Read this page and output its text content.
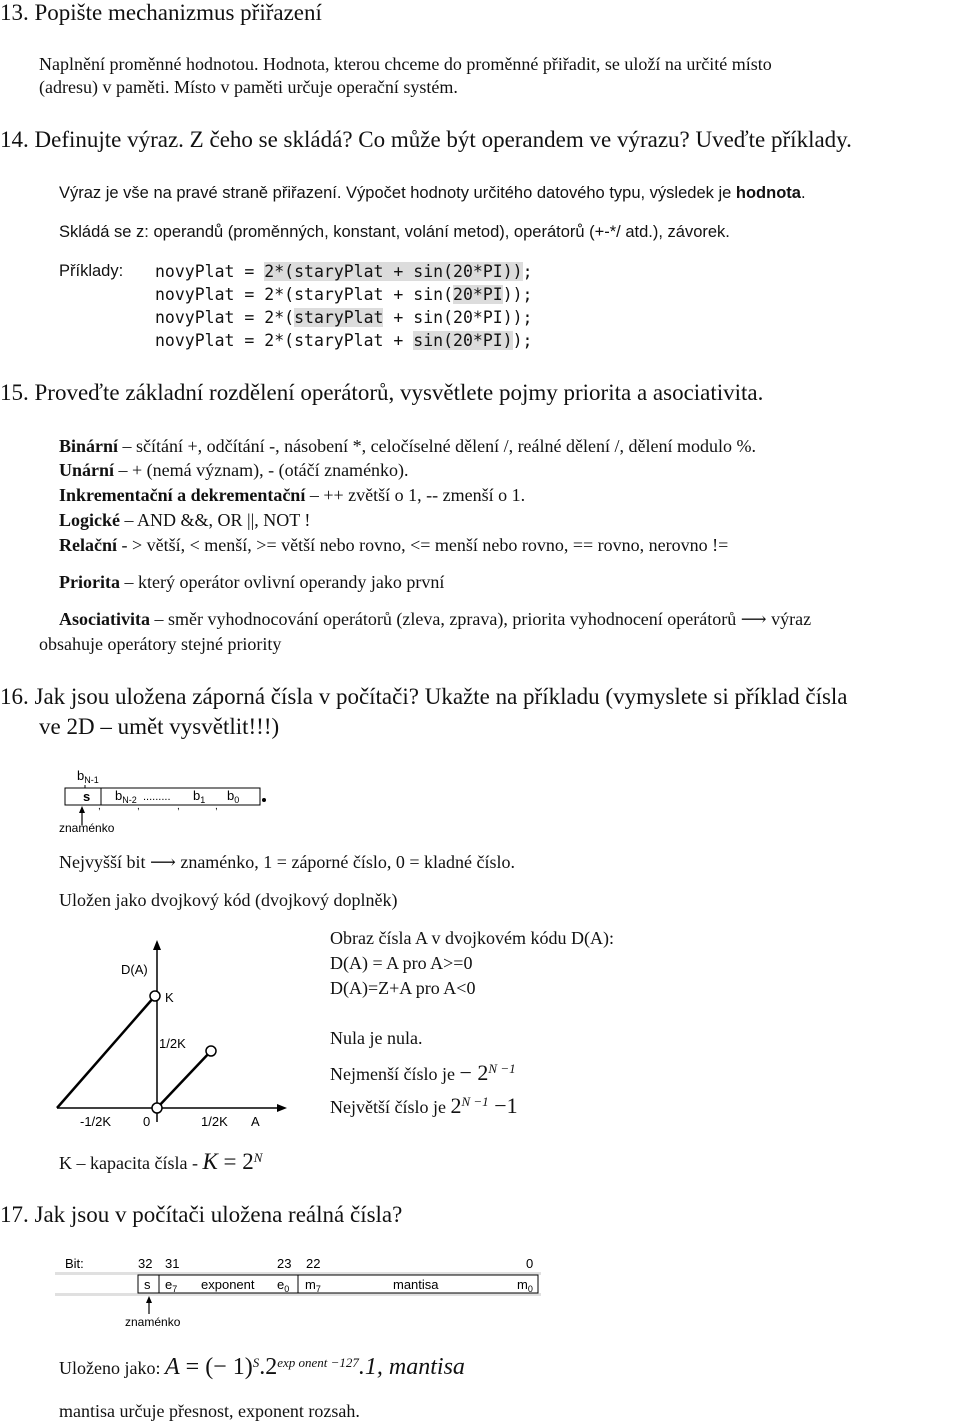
13. Popište mechanizmus přiřazení
Naplnění proměnné hodnotou. Hodnota, kterou chceme do proměnné přiřadit, se uloží na určité místo
(adresu) v paměti. Místo v paměti určuje operační systém.
14. Definujte výraz. Z čeho se skládá? Co může být operandem ve výrazu? Uveďte příklady.
Výraz je vše na pravé straně přiřazení. Výpočet hodnoty určitého datového typu, výsledek je hodnota.
Skládá se z: operandů (proměnných, konstant, volání metod), operátorů (+-*/ atd.), závorek.
Příklady: novyPlat = 2*(staryPlat + sin(20*PI));
novyPlat = 2*(staryPlat + sin(20*PI));
novyPlat = 2*(staryPlat + sin(20*PI));
novyPlat = 2*(staryPlat + sin(20*PI));
15. Proveďte základní rozdělení operátorů, vysvětlete pojmy priorita a asociativita.
Binární – sčítání +, odčítání -, násobení *, celočíselné dělení /, reálné dělení /, dělení modulo %.
Unární – + (nemá význam), - (otáčí znaménko).
Inkrementační a dekrementační – ++ zvětší o 1, -- zmenší o 1.
Logické – AND &&, OR ||, NOT !
Relační - > větší, < menší, >= větší nebo rovno, <= menší nebo rovno, == rovno, nerovno !=
Priorita – který operátor ovlivní operandy jako první
Asociativita – směr vyhodnocování operátorů (zleva, zprava), priorita vyhodnocení operátorů ⟶ výraz
obsahuje operátory stejné priority
16. Jak jsou uložena záporná čísla v počítači? Ukažte na příkladu (vymyslete si příklad čísla
ve 2D – umět vysvětlit!!!)
$b_{N-1}$
s $b_{N-2}$ ......... $b_1$ $b_0$
,	,	,	,
znaménko
Nejvyšší bit ⟶ znaménko, 1 = záporné číslo, 0 = kladné číslo.
Uložen jako dvojkový kód (dvojkový doplněk)
D(A)
K
1/2K
-1/2K 0	1/2K A
Obraz čísla A v dvojkovém kódu D(A):
D(A) = A pro A>=0
D(A)=Z+A pro A<0
Nula je nula.
Nejmenší číslo je − $2^{N -1}$
Největší číslo je $2^{N -1} -1$
K – kapacita čísla - $K = 2^N$
17. Jak jsou v počítači uložena reálná čísla?
Bit:	32 31	23 22	0
s $e_7$ exponent $e_0$ $m_7$	mantisa	$m_0$
znaménko
Uloženo jako: A = (− $1)^S.2^{exp onent -127}.1$, mantisa
mantisa určuje přesnost, exponent rozsah.
